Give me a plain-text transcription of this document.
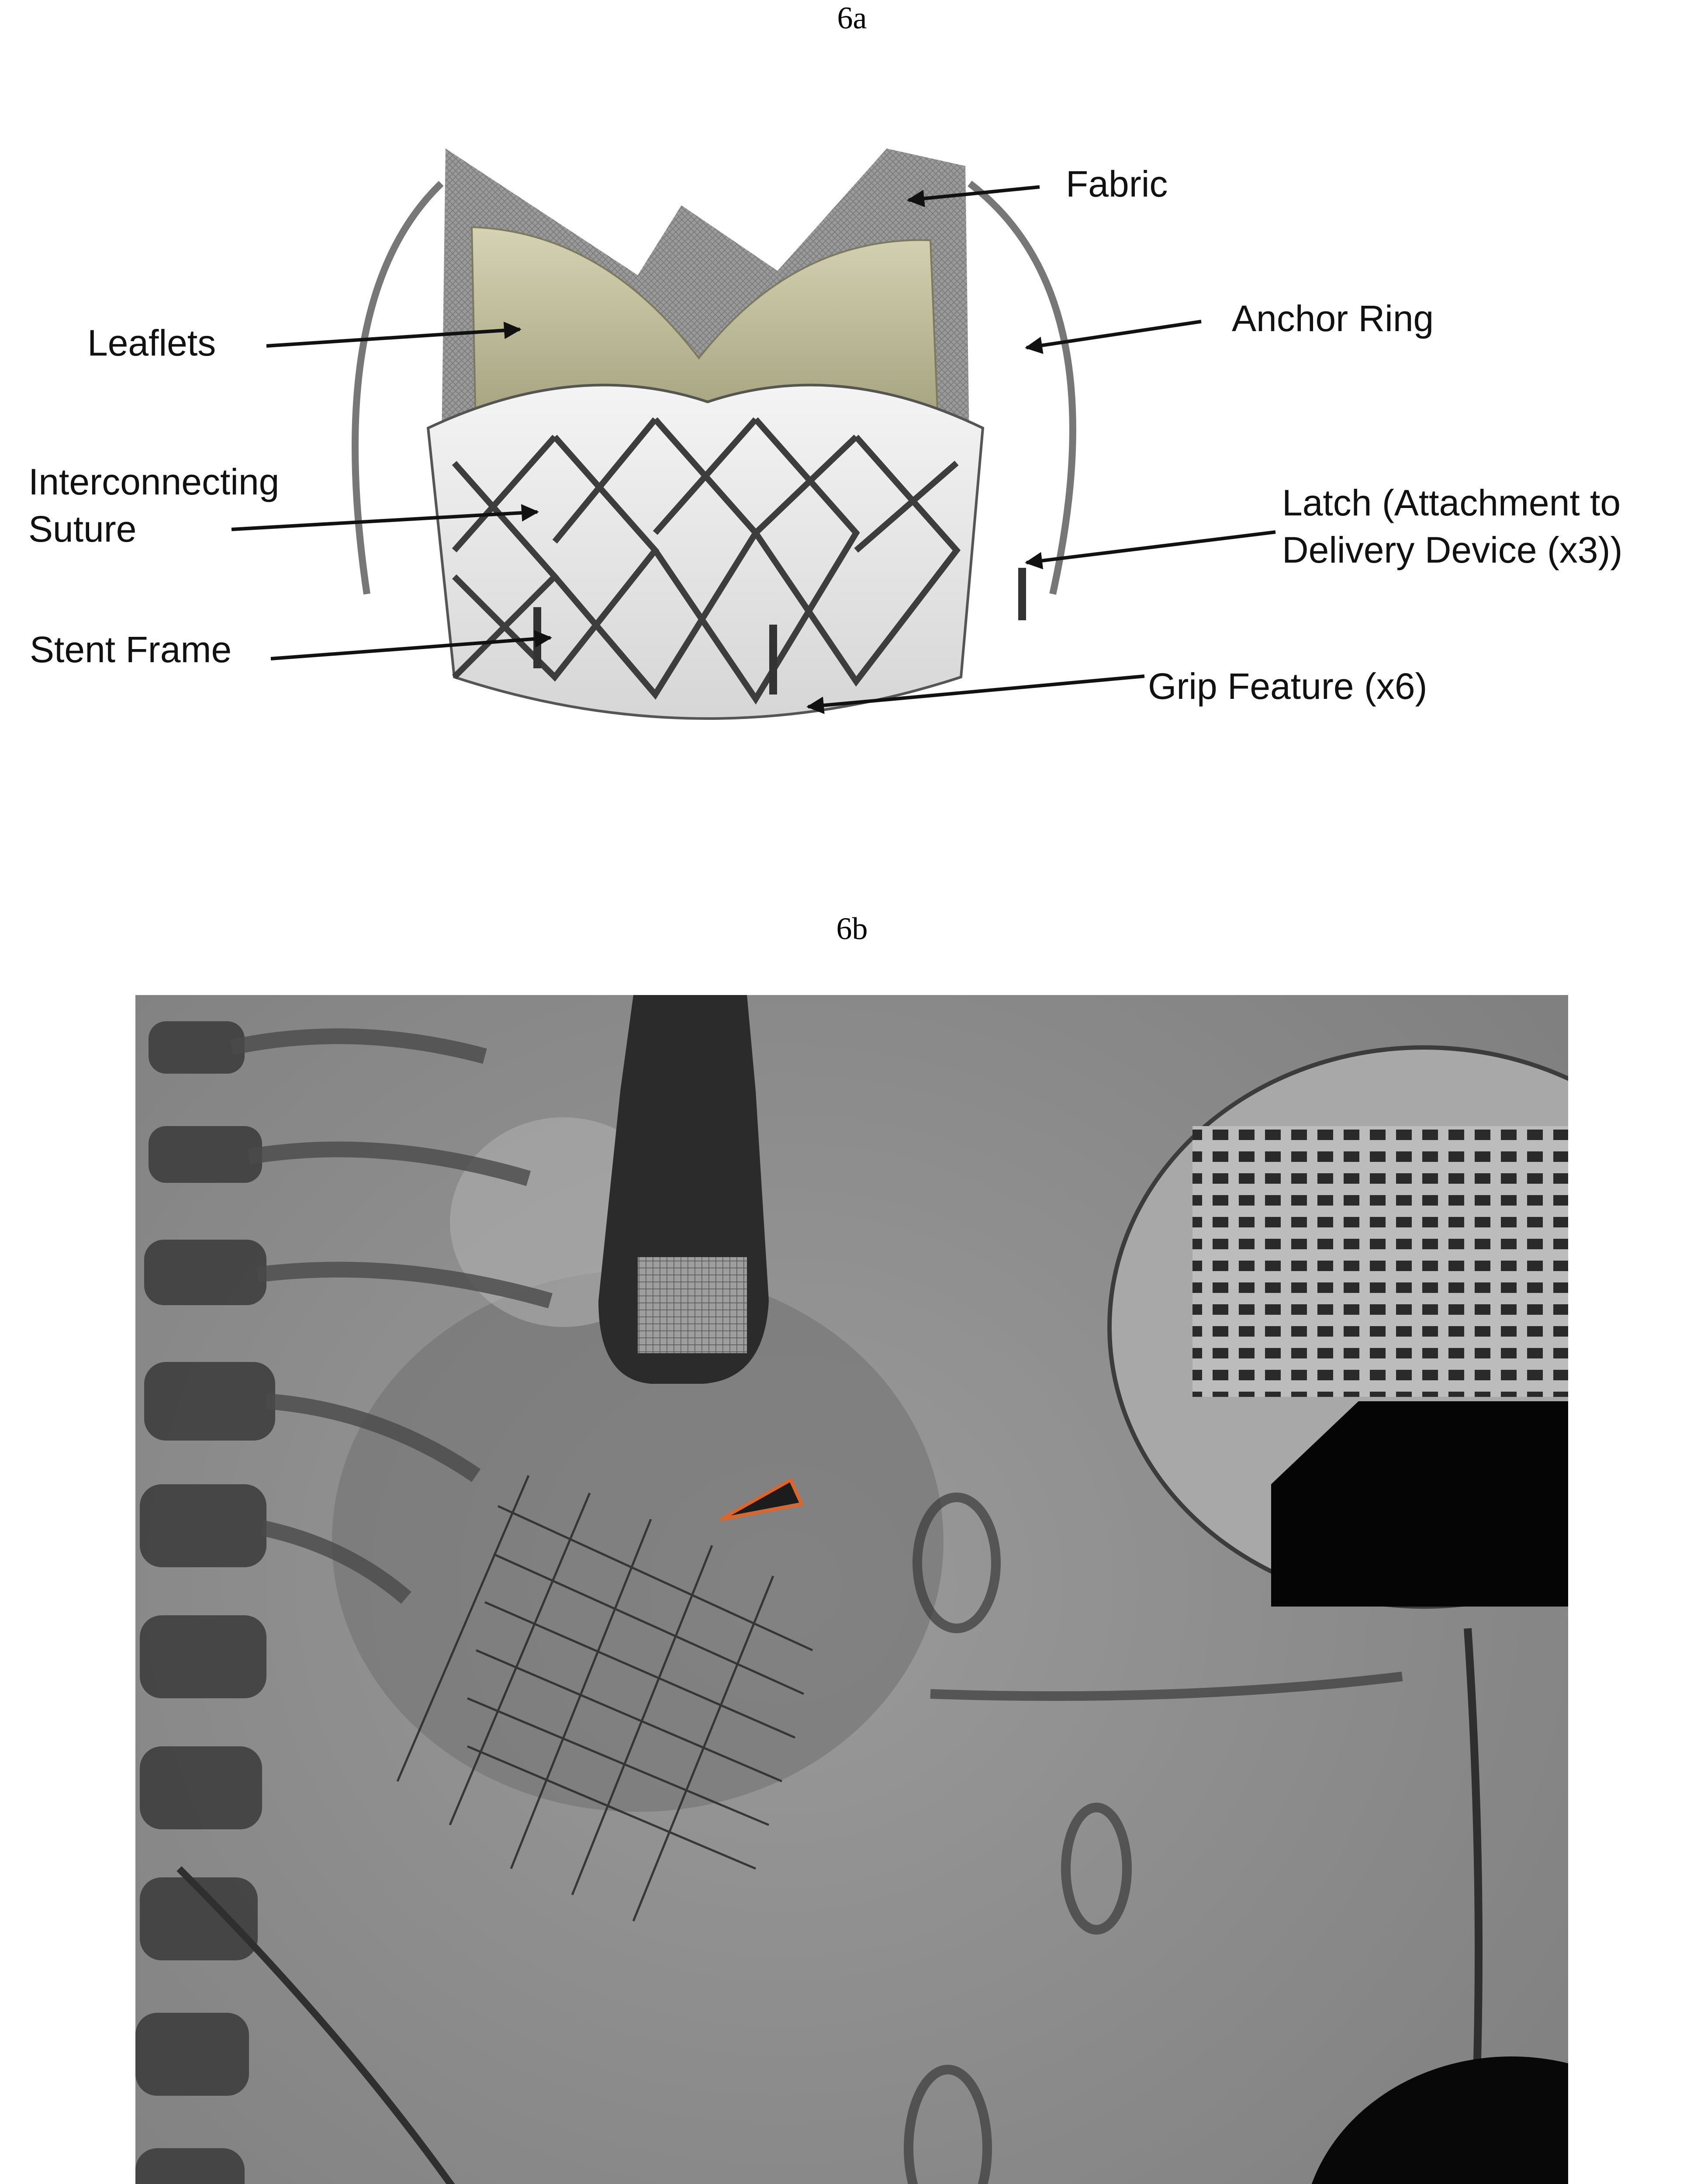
6a
Fabric
Anchor Ring
Leaflets
Interconnecting
Suture
Latch (Attachment to
Delivery Device (x3))
Stent Frame
Grip Feature (x6)
6b
